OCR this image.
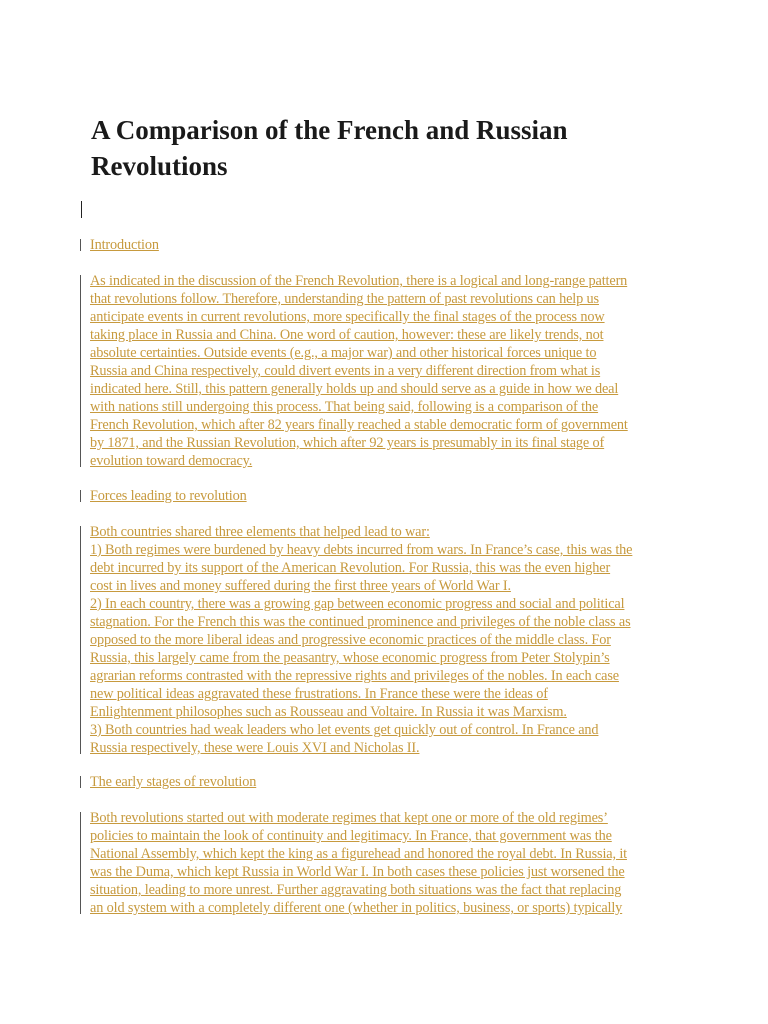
A Comparison of the French and Russian
Revolutions

Introduction

As indicated in the discussion of the French Revolution, there is a logical and long-range pattern
that revolutions follow. Therefore, understanding the pattern of past revolutions can help us
anticipate events in current revolutions, more specifically the final stages of the process now
taking place in Russia and China. One word of caution, however: these are likely trends, not
absolute certainties. Outside events (e.g., a major war) and other historical forces unique to
Russia and China respectively, could divert events in a very different direction from what is
indicated here. Still, this pattern generally holds up and should serve as a guide in how we deal
with nations still undergoing this process. That being said, following is a comparison of the
French Revolution, which after 82 years finally reached a stable democratic form of government
by 1871, and the Russian Revolution, which after 92 years is presumably in its final stage of
evolution toward democracy.

Forces leading to revolution

Both countries shared three elements that helped lead to war:
1) Both regimes were burdened by heavy debts incurred from wars. In France’s case, this was the
debt incurred by its support of the American Revolution. For Russia, this was the even higher
cost in lives and money suffered during the first three years of World War I.
2) In each country, there was a growing gap between economic progress and social and political
stagnation. For the French this was the continued prominence and privileges of the noble class as
opposed to the more liberal ideas and progressive economic practices of the middle class. For
Russia, this largely came from the peasantry, whose economic progress from Peter Stolypin’s
agrarian reforms contrasted with the repressive rights and privileges of the nobles. In each case
new political ideas aggravated these frustrations. In France these were the ideas of
Enlightenment philosophes such as Rousseau and Voltaire. In Russia it was Marxism.
3) Both countries had weak leaders who let events get quickly out of control. In France and
Russia respectively, these were Louis XVI and Nicholas II.

The early stages of revolution

Both revolutions started out with moderate regimes that kept one or more of the old regimes’
policies to maintain the look of continuity and legitimacy. In France, that government was the
National Assembly, which kept the king as a figurehead and honored the royal debt. In Russia, it
was the Duma, which kept Russia in World War I. In both cases these policies just worsened the
situation, leading to more unrest. Further aggravating both situations was the fact that replacing
an old system with a completely different one (whether in politics, business, or sports) typically
